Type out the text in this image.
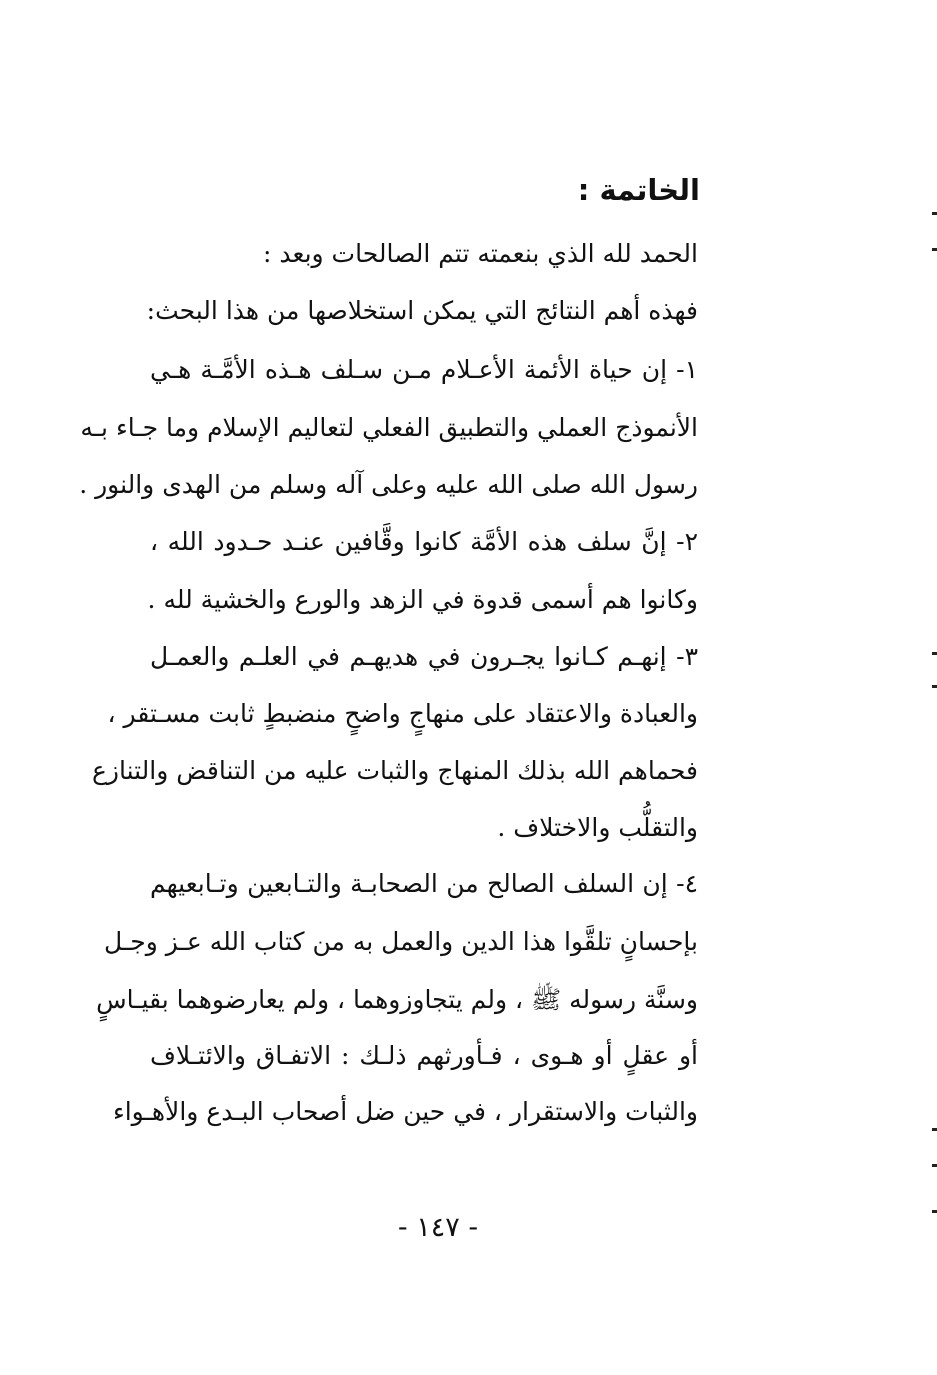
الخاتمة :
الحمد لله الذي بنعمته تتم الصالحات وبعد :
فهذه أهم النتائج التي يمكن استخلاصها من هذا البحث:
١- إن حياة الأئمة الأعـلام مـن سـلف هـذه الأمَّـة هـي
الأنموذج العملي والتطبيق الفعلي لتعاليم الإسلام وما جـاء بـه
رسول الله صلى الله عليه وعلى آله وسلم من الهدى والنور .
٢- إنَّ سلف هذه الأمَّة كانوا وقَّافين عنـد حـدود الله ،
وكانوا هم أسمى قدوة في الزهد والورع والخشية لله .
٣- إنهـم كـانوا يجـرون في هديهـم في العلـم والعمـل
والعبادة والاعتقاد على منهاجٍ واضحٍ منضبطٍ ثابت مسـتقر ،
فحماهم الله بذلك المنهاج والثبات عليه من التناقض والتنازع
والتقلُّب والاختلاف .
٤- إن السلف الصالح من الصحابـة والتـابعين وتـابعيهم
بإحسانٍ تلقَّوا هذا الدين والعمل به من كتاب الله عـز وجـل
وسنَّة رسوله ﷺ ، ولم يتجاوزوهما ، ولم يعارضوهما بقيـاسٍ
أو عقلٍ أو هـوى ، فـأورثهم ذلـك : الاتفـاق والائتـلاف
والثبات والاستقرار ، في حين ضل أصحاب البـدع والأهـواء
- ١٤٧ -
